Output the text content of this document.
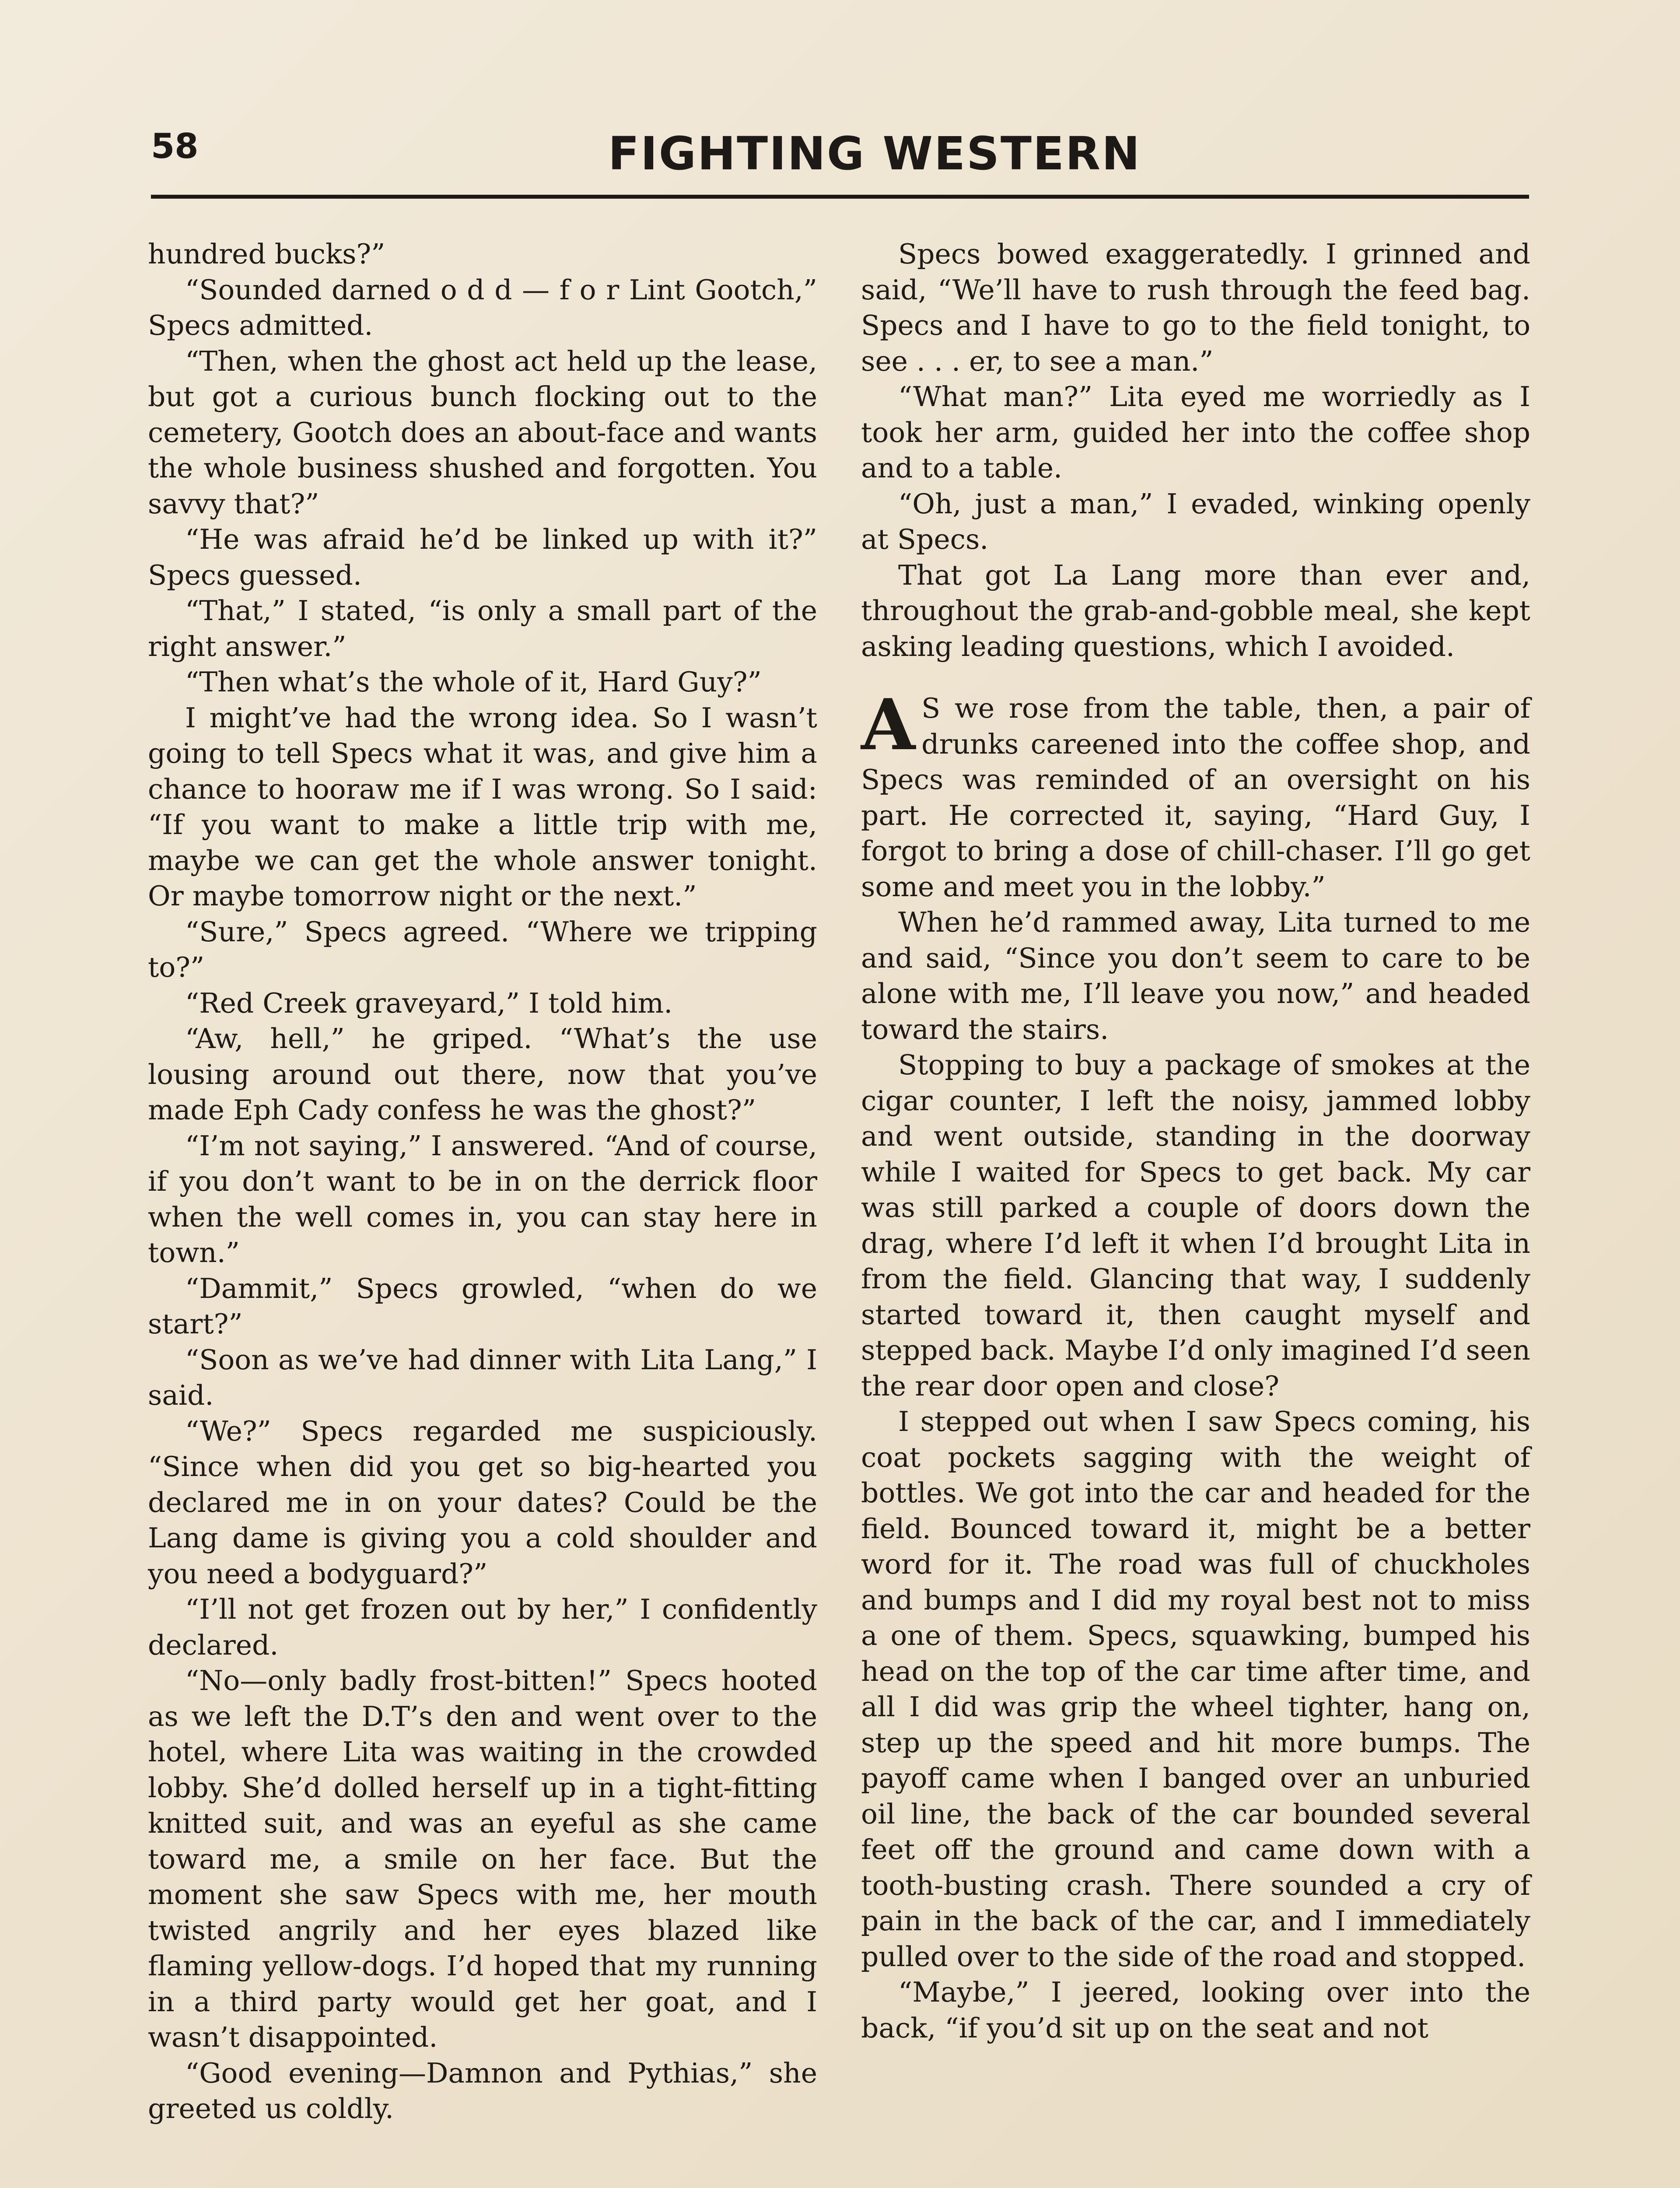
58	FIGHTING WESTERN

hundred bucks?”

“Sounded darned o d d — f o r Lint Gootch,” Specs admitted.

“Then, when the ghost act held up the lease, but got a curious bunch flocking out to the cemetery, Gootch does an about-face and wants the whole business shushed and forgotten. You savvy that?”

“He was afraid he’d be linked up with it?” Specs guessed.

“That,” I stated, “is only a small part of the right answer.”

“Then what’s the whole of it, Hard Guy?”

I might’ve had the wrong idea. So I wasn’t going to tell Specs what it was, and give him a chance to hooraw me if I was wrong. So I said: “If you want to make a little trip with me, maybe we can get the whole answer tonight. Or maybe tomorrow night or the next.”

“Sure,” Specs agreed. “Where we tripping to?”

“Red Creek graveyard,” I told him.

“Aw, hell,” he griped. “What’s the use lousing around out there, now that you’ve made Eph Cady confess he was the ghost?”

“I’m not saying,” I answered. “And of course, if you don’t want to be in on the derrick floor when the well comes in, you can stay here in town.”

“Dammit,” Specs growled, “when do we start?”

“Soon as we’ve had dinner with Lita Lang,” I said.

“We?” Specs regarded me suspiciously. “Since when did you get so big-hearted you declared me in on your dates? Could be the Lang dame is giving you a cold shoulder and you need a bodyguard?”

“I’ll not get frozen out by her,” I confidently declared.

“No—only badly frost-bitten!” Specs hooted as we left the D.T’s den and went over to the hotel, where Lita was waiting in the crowded lobby. She’d dolled herself up in a tight-fitting knitted suit, and was an eyeful as she came toward me, a smile on her face. But the moment she saw Specs with me, her mouth twisted angrily and her eyes blazed like flaming yellow-dogs. I’d hoped that my running in a third party would get her goat, and I wasn’t disappointed.

“Good evening—Damnon and Pythias,” she greeted us coldly.

Specs bowed exaggeratedly. I grinned and said, “We’ll have to rush through the feed bag. Specs and I have to go to the field tonight, to see . . . er, to see a man.”

“What man?” Lita eyed me worriedly as I took her arm, guided her into the coffee shop and to a table.

“Oh, just a man,” I evaded, winking openly at Specs.

That got La Lang more than ever and, throughout the grab-and-gobble meal, she kept asking leading questions, which I avoided.

A S we rose from the table, then, a pair of drunks careened into the coffee shop, and Specs was reminded of an oversight on his part. He corrected it, saying, “Hard Guy, I forgot to bring a dose of chill-chaser. I’ll go get some and meet you in the lobby.”

When he’d rammed away, Lita turned to me and said, “Since you don’t seem to care to be alone with me, I’ll leave you now,” and headed toward the stairs.

Stopping to buy a package of smokes at the cigar counter, I left the noisy, jammed lobby and went outside, standing in the doorway while I waited for Specs to get back. My car was still parked a couple of doors down the drag, where I’d left it when I’d brought Lita in from the field. Glancing that way, I suddenly started toward it, then caught myself and stepped back. Maybe I’d only imagined I’d seen the rear door open and close?

I stepped out when I saw Specs coming, his coat pockets sagging with the weight of bottles. We got into the car and headed for the field. Bounced toward it, might be a better word for it. The road was full of chuckholes and bumps and I did my royal best not to miss a one of them. Specs, squawking, bumped his head on the top of the car time after time, and all I did was grip the wheel tighter, hang on, step up the speed and hit more bumps. The payoff came when I banged over an unburied oil line, the back of the car bounded several feet off the ground and came down with a tooth-busting crash. There sounded a cry of pain in the back of the car, and I immediately pulled over to the side of the road and stopped.

“Maybe,” I jeered, looking over into the back, “if you’d sit up on the seat and not
